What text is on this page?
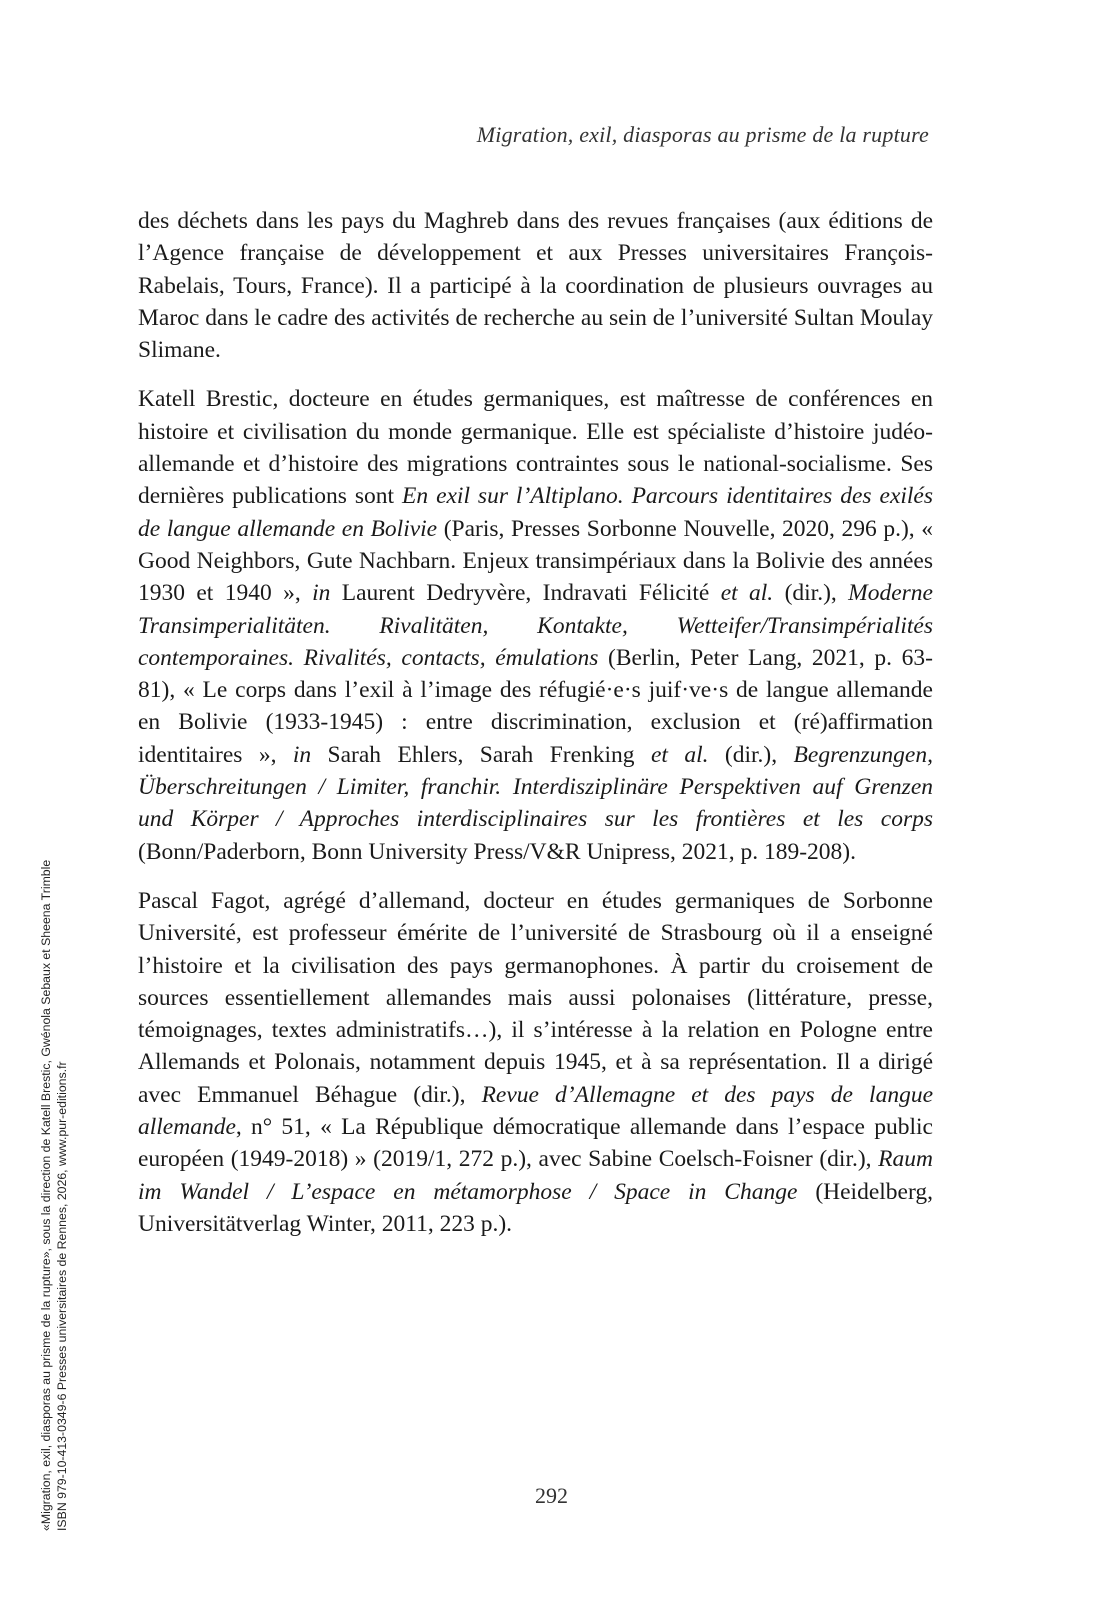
Migration, exil, diasporas au prisme de la rupture

des déchets dans les pays du Maghreb dans des revues françaises (aux éditions de l’Agence française de développement et aux Presses universitaires François-Rabelais, Tours, France). Il a participé à la coordination de plusieurs ouvrages au Maroc dans le cadre des activités de recherche au sein de l’université Sultan Moulay Slimane.

Katell Brestic, docteure en études germaniques, est maîtresse de conférences en histoire et civilisation du monde germanique. Elle est spécialiste d’histoire judéo-allemande et d’histoire des migrations contraintes sous le national-socialisme. Ses dernières publications sont En exil sur l’Altiplano. Parcours identitaires des exilés de langue allemande en Bolivie (Paris, Presses Sorbonne Nouvelle, 2020, 296 p.), « Good Neighbors, Gute Nachbarn. Enjeux transimpériaux dans la Bolivie des années 1930 et 1940 », in Laurent Dedryvère, Indravati Félicité et al. (dir.), Moderne Transimperialitäten. Rivalitäten, Kontakte, Wetteifer/Transimpérialités contemporaines. Rivalités, contacts, émulations (Berlin, Peter Lang, 2021, p. 63-81), « Le corps dans l’exil à l’image des réfugié·e·s juif·ve·s de langue allemande en Bolivie (1933-1945) : entre discrimination, exclusion et (ré)affirmation identitaires », in Sarah Ehlers, Sarah Frenking et al. (dir.), Begrenzungen, Überschreitungen / Limiter, franchir. Interdisziplinäre Perspektiven auf Grenzen und Körper / Approches interdisciplinaires sur les frontières et les corps (Bonn/Paderborn, Bonn University Press/V&R Unipress, 2021, p. 189-208).

Pascal Fagot, agrégé d’allemand, docteur en études germaniques de Sorbonne Université, est professeur émérite de l’université de Strasbourg où il a enseigné l’histoire et la civilisation des pays germanophones. À partir du croisement de sources essentiellement allemandes mais aussi polonaises (littérature, presse, témoignages, textes administratifs…), il s’intéresse à la relation en Pologne entre Allemands et Polonais, notamment depuis 1945, et à sa représentation. Il a dirigé avec Emmanuel Béhague (dir.), Revue d’Allemagne et des pays de langue allemande, n° 51, « La République démocratique allemande dans l’espace public européen (1949-2018) » (2019/1, 272 p.), avec Sabine Coelsch-Foisner (dir.), Raum im Wandel / L’espace en métamorphose / Space in Change (Heidelberg, Universitätverlag Winter, 2011, 223 p.).

292
«Migration, exil, diasporas au prisme de la rupture», sous la direction de Katell Brestic, Gwénola Sebaux et Sheena Trimble ISBN 979-10-413-0349-6 Presses universitaires de Rennes, 2026, www.pur-editions.fr
